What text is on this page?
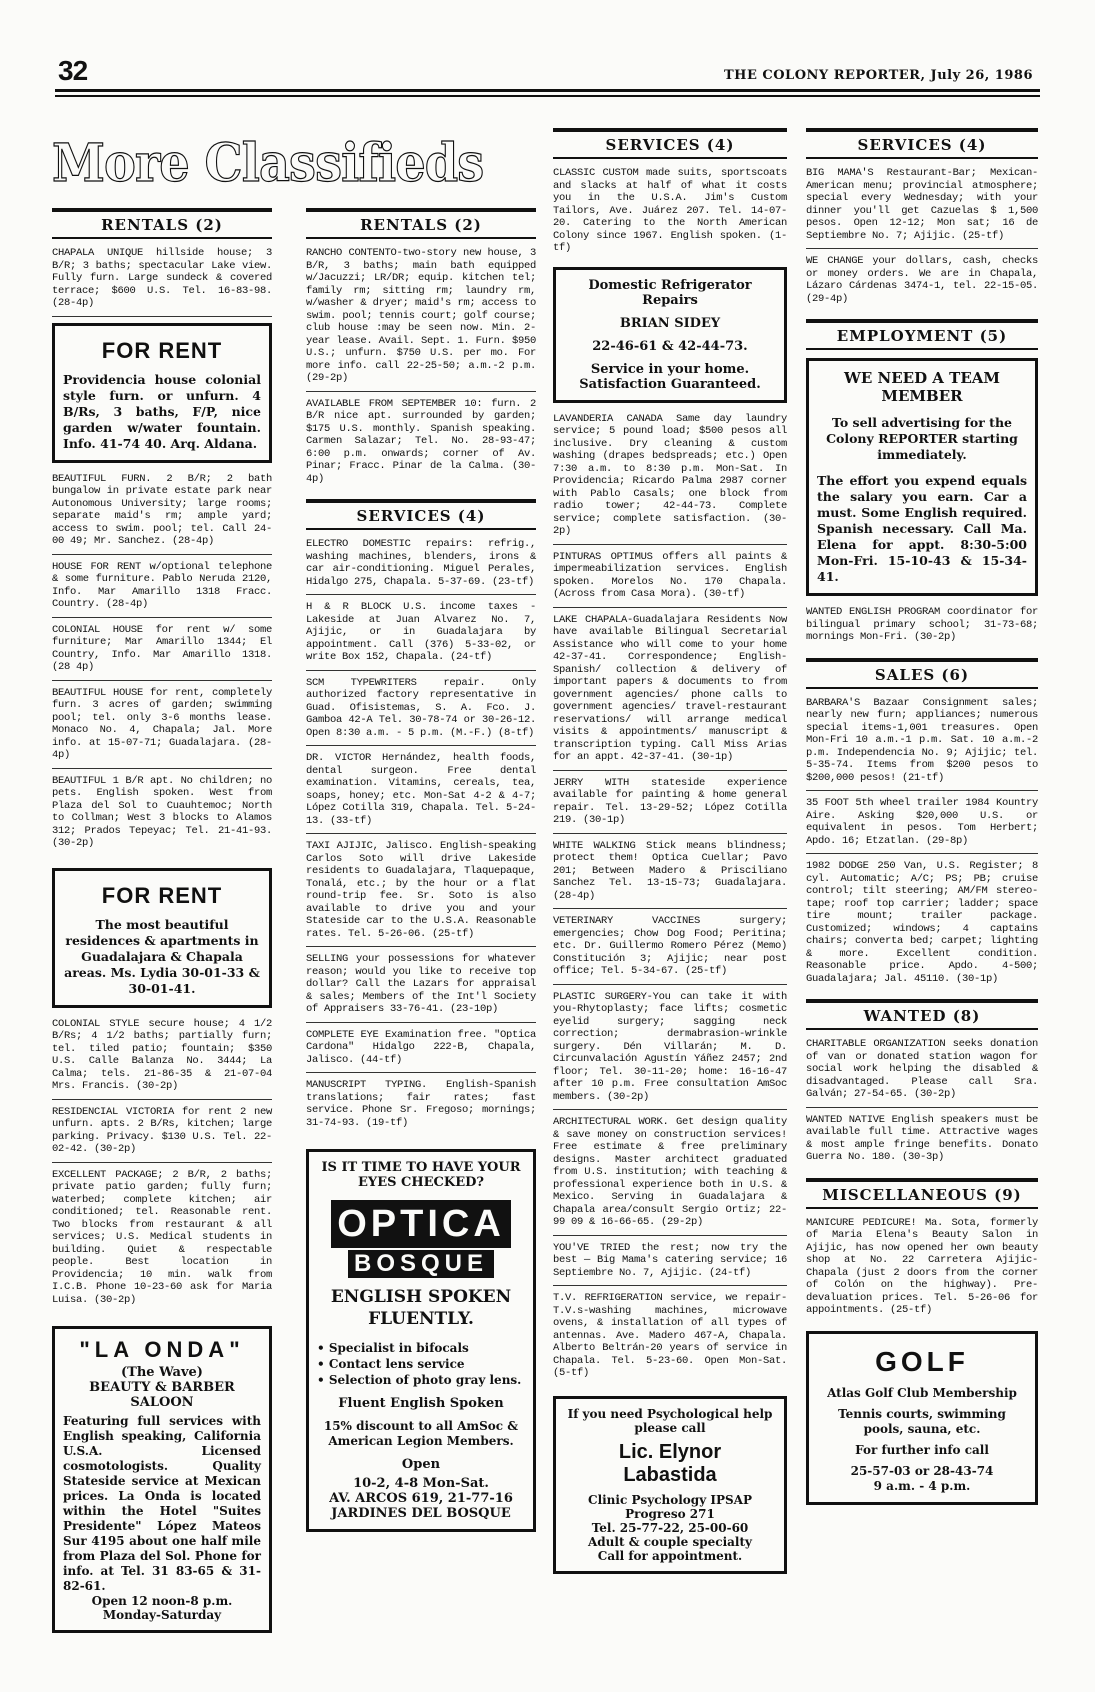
32	THE COLONY REPORTER, July 26, 1986
More Classifieds
RENTALS (2)
CHAPALA UNIQUE hillside house; 3 B/R; 3 baths; spectacular Lake view. Fully furn. Large sundeck & covered terrace; $600 U.S. Tel. 16-83-98. (28-4p)
FOR RENT
Providencia house colonial style furn. or unfurn. 4 B/Rs, 3 baths, F/P, nice garden w/water fountain. Info. 41-74 40. Arq. Aldana.
BEAUTIFUL FURN. 2 B/R; 2 bath bungalow in private estate park near Autonomous University; large rooms; separate maid's rm; ample yard; access to swim. pool; tel. Call 24-00 49; Mr. Sanchez. (28-4p)
HOUSE FOR RENT w/optional telephone & some furniture. Pablo Neruda 2120, Info. Mar Amarillo 1318 Fracc. Country. (28-4p)
COLONIAL HOUSE for rent w/ some furniture; Mar Amarillo 1344; El Country, Info. Mar Amarillo 1318. (28 4p)
BEAUTIFUL HOUSE for rent, completely furn. 3 acres of garden; swimming pool; tel. only 3-6 months lease. Monaco No. 4, Chapala; Jal. More info. at 15-07-71; Guadalajara. (28-4p)
BEAUTIFUL 1 B/R apt. No children; no pets. English spoken. West from Plaza del Sol to Cuauhtemoc; North to Collman; West 3 blocks to Alamos 312; Prados Tepeyac; Tel. 21-41-93. (30-2p)
FOR RENT
The most beautiful residences & apartments in Guadalajara & Chapala areas. Ms. Lydia 30-01-33 & 30-01-41.
COLONIAL STYLE secure house; 4 1/2 B/Rs; 4 1/2 baths; partially furn; tel. tiled patio; fountain; $350 U.S. Calle Balanza No. 3444; La Calma; tels. 21-86-35 & 21-07-04 Mrs. Francis. (30-2p)
RESIDENCIAL VICTORIA for rent 2 new unfurn. apts. 2 B/Rs, kitchen; large parking. Privacy. $130 U.S. Tel. 22-02-42. (30-2p)
EXCELLENT PACKAGE; 2 B/R, 2 baths; private patio garden; fully furn; waterbed; complete kitchen; air conditioned; tel. Reasonable rent. Two blocks from restaurant & all services; U.S. Medical students in building. Quiet & respectable people. Best location in Providencia; 10 min. walk from I.C.B. Phone 10-23-60 ask for Maria Luisa. (30-2p)
"LA ONDA"
(The Wave)
BEAUTY & BARBER SALOON
Featuring full services with English speaking, California U.S.A. Licensed cosmotologists. Quality Stateside service at Mexican prices. La Onda is located within the Hotel "Suites Presidente" López Mateos Sur 4195 about one half mile from Plaza del Sol. Phone for info. at Tel. 31 83-65 & 31-82-61.
Open 12 noon-8 p.m.
Monday-Saturday
RENTALS (2)
RANCHO CONTENTO-two-story new house, 3 B/R, 3 baths; main bath equipped w/Jacuzzi; LR/DR; equip. kitchen tel; family rm; sitting rm; laundry rm, w/washer & dryer; maid's rm; access to swim. pool; tennis court; golf course; club house :may be seen now. Min. 2-year lease. Avail. Sept. 1. Furn. $950 U.S.; unfurn. $750 U.S. per mo. For more info. call 22-25-50; a.m.-2 p.m. (29-2p)
AVAILABLE FROM SEPTEMBER 10: furn. 2 B/R nice apt. surrounded by garden; $175 U.S. monthly. Spanish speaking. Carmen Salazar; Tel. No. 28-93-47; 6:00 p.m. onwards; corner of Av. Pinar; Fracc. Pinar de la Calma. (30-4p)
SERVICES (4)
ELECTRO DOMESTIC repairs: refrig., washing machines, blenders, irons & car air-conditioning. Miguel Perales, Hidalgo 275, Chapala. 5-37-69. (23-tf)
H & R BLOCK U.S. income taxes - Lakeside at Juan Alvarez No. 7, Ajijic, or in Guadalajara by appointment. Call (376) 5-33-02, or write Box 152, Chapala. (24-tf)
SCM TYPEWRITERS repair. Only authorized factory representative in Guad. Ofisistemas, S. A. Fco. J. Gamboa 42-A Tel. 30-78-74 or 30-26-12. Open 8:30 a.m. - 5 p.m. (M.-F.) (8-tf)
DR. VICTOR Hernández, health foods, dental surgeon. Free dental examination. Vitamins, cereals, tea, soaps, honey; etc. Mon-Sat 4-2 & 4-7; López Cotilla 319, Chapala. Tel. 5-24-13. (33-tf)
TAXI AJIJIC, Jalisco. English-speaking Carlos Soto will drive Lakeside residents to Guadalajara, Tlaquepaque, Tonalá, etc.; by the hour or a flat round-trip fee. Sr. Soto is also available to drive you and your Stateside car to the U.S.A. Reasonable rates. Tel. 5-26-06. (25-tf)
SELLING your possessions for whatever reason; would you like to receive top dollar? Call the Lazars for appraisal & sales; Members of the Int'l Society of Appraisers 33-76-41. (23-10p)
COMPLETE EYE Examination free. "Optica Cardona" Hidalgo 222-B, Chapala, Jalisco. (44-tf)
MANUSCRIPT TYPING. English-Spanish translations; fair rates; fast service. Phone Sr. Fregoso; mornings; 31-74-93. (19-tf)
IS IT TIME TO HAVE YOUR EYES CHECKED?
OPTICA
BOSQUE
ENGLISH SPOKEN FLUENTLY.
• Specialist in bifocals
• Contact lens service
• Selection of photo gray lens.
Fluent English Spoken
15% discount to all AmSoc & American Legion Members.
Open
10-2, 4-8 Mon-Sat.
AV. ARCOS 619, 21-77-16
JARDINES DEL BOSQUE
SERVICES (4)
CLASSIC CUSTOM made suits, sportscoats and slacks at half of what it costs you in the U.S.A. Jim's Custom Tailors, Ave. Juárez 207. Tel. 14-07-20. Catering to the North American Colony since 1967. English spoken. (1-tf)
Domestic Refrigerator Repairs
BRIAN SIDEY
22-46-61 & 42-44-73.
Service in your home. Satisfaction Guaranteed.
LAVANDERIA CANADA Same day laundry service; 5 pound load; $500 pesos all inclusive. Dry cleaning & custom washing (drapes bedspreads; etc.) Open 7:30 a.m. to 8:30 p.m. Mon-Sat. In Providencia; Ricardo Palma 2987 corner with Pablo Casals; one block from radio tower; 42-44-73. Complete service; complete satisfaction. (30-2p)
PINTURAS OPTIMUS offers all paints & impermeabilization services. English spoken. Morelos No. 170 Chapala. (Across from Casa Mora). (30-tf)
LAKE CHAPALA-Guadalajara Residents Now have available Bilingual Secretarial Assistance who will come to your home 42-37-41. Correspondence; English-Spanish/ collection & delivery of important papers & documents to from government agencies/ phone calls to government agencies/ travel-restaurant reservations/ will arrange medical visits & appointments/ manuscript & transcription typing. Call Miss Arias for an appt. 42-37-41. (30-1p)
JERRY WITH stateside experience available for painting & home general repair. Tel. 13-29-52; López Cotilla 219. (30-1p)
WHITE WALKING Stick means blindness; protect them! Optica Cuellar; Pavo 201; Between Madero & Prisciliano Sanchez Tel. 13-15-73; Guadalajara. (28-4p)
VETERINARY VACCINES surgery; emergencies; Chow Dog Food; Peritina; etc. Dr. Guillermo Romero Pérez (Memo) Constitución 3; Ajijic; near post office; Tel. 5-34-67. (25-tf)
PLASTIC SURGERY-You can take it with you-Rhytoplasty; face lifts; cosmetic eyelid surgery; sagging neck correction; dermabrasion-wrinkle surgery. Dén Villarán; M. D. Circunvalación Agustín Yáñez 2457; 2nd floor; Tel. 30-11-20; home: 16-16-47 after 10 p.m. Free consultation AmSoc members. (30-2p)
ARCHITECTURAL WORK. Get design quality & save money on construction services! Free estimate & free preliminary designs. Master architect graduated from U.S. institution; with teaching & professional experience both in U.S. & Mexico. Serving in Guadalajara & Chapala area/consult Sergio Ortiz; 22-99 09 & 16-66-65. (29-2p)
YOU'VE TRIED the rest; now try the best — Big Mama's catering service; 16 Septiembre No. 7, Ajijic. (24-tf)
T.V. REFRIGERATION service, we repair-T.V.s-washing machines, microwave ovens, & installation of all types of antennas. Ave. Madero 467-A, Chapala. Alberto Beltrán-20 years of service in Chapala. Tel. 5-23-60. Open Mon-Sat. (5-tf)
If you need Psychological help please call
Lic. Elynor
Labastida
Clinic Psychology IPSAP
Progreso 271
Tel. 25-77-22, 25-00-60
Adult & couple specialty
Call for appointment.
SERVICES (4)
BIG MAMA'S Restaurant-Bar; Mexican-American menu; provincial atmosphere; special every Wednesday; with your dinner you'll get Cazuelas $ 1,500 pesos. Open 12-12; Mon sat; 16 de Septiembre No. 7; Ajijic. (25-tf)
WE CHANGE your dollars, cash, checks or money orders. We are in Chapala, Lázaro Cárdenas 3474-1, tel. 22-15-05. (29-4p)
EMPLOYMENT (5)
WE NEED A TEAM MEMBER
To sell advertising for the Colony REPORTER starting immediately.
The effort you expend equals the salary you earn. Car a must. Some English required. Spanish necessary. Call Ma. Elena for appt. 8:30-5:00 Mon-Fri. 15-10-43 & 15-34-41.
WANTED ENGLISH PROGRAM coordinator for bilingual primary school; 31-73-68; mornings Mon-Fri. (30-2p)
SALES (6)
BARBARA'S Bazaar Consignment sales; nearly new furn; appliances; numerous special items-1,001 treasures. Open Mon-Fri 10 a.m.-1 p.m. Sat. 10 a.m.-2 p.m. Independencia No. 9; Ajijic; tel. 5-35-74. Items from $200 pesos to $200,000 pesos! (21-tf)
35 FOOT 5th wheel trailer 1984 Kountry Aire. Asking $20,000 U.S. or equivalent in pesos. Tom Herbert; Apdo. 16; Etzatlan. (29-8p)
1982 DODGE 250 Van, U.S. Register; 8 cyl. Automatic; A/C; PS; PB; cruise control; tilt steering; AM/FM stereo-tape; roof top carrier; ladder; space tire mount; trailer package. Customized; windows; 4 captains chairs; converta bed; carpet; lighting & more. Excellent condition. Reasonable price. Apdo. 4-500; Guadalajara; Jal. 45110. (30-1p)
WANTED (8)
CHARITABLE ORGANIZATION seeks donation of van or donated station wagon for social work helping the disabled & disadvantaged. Please call Sra. Galván; 27-54-65. (30-2p)
WANTED NATIVE English speakers must be available full time. Attractive wages & most ample fringe benefits. Donato Guerra No. 180. (30-3p)
MISCELLANEOUS (9)
MANICURE PEDICURE! Ma. Sota, formerly of Maria Elena's Beauty Salon in Ajijic, has now opened her own beauty shop at No. 22 Carretera Ajijic-Chapala (just 2 doors from the corner of Colón on the highway). Pre-devaluation prices. Tel. 5-26-06 for appointments. (25-tf)
GOLF
Atlas Golf Club Membership
Tennis courts, swimming pools, sauna, etc.
For further info call
25-57-03 or 28-43-74
9 a.m. - 4 p.m.
